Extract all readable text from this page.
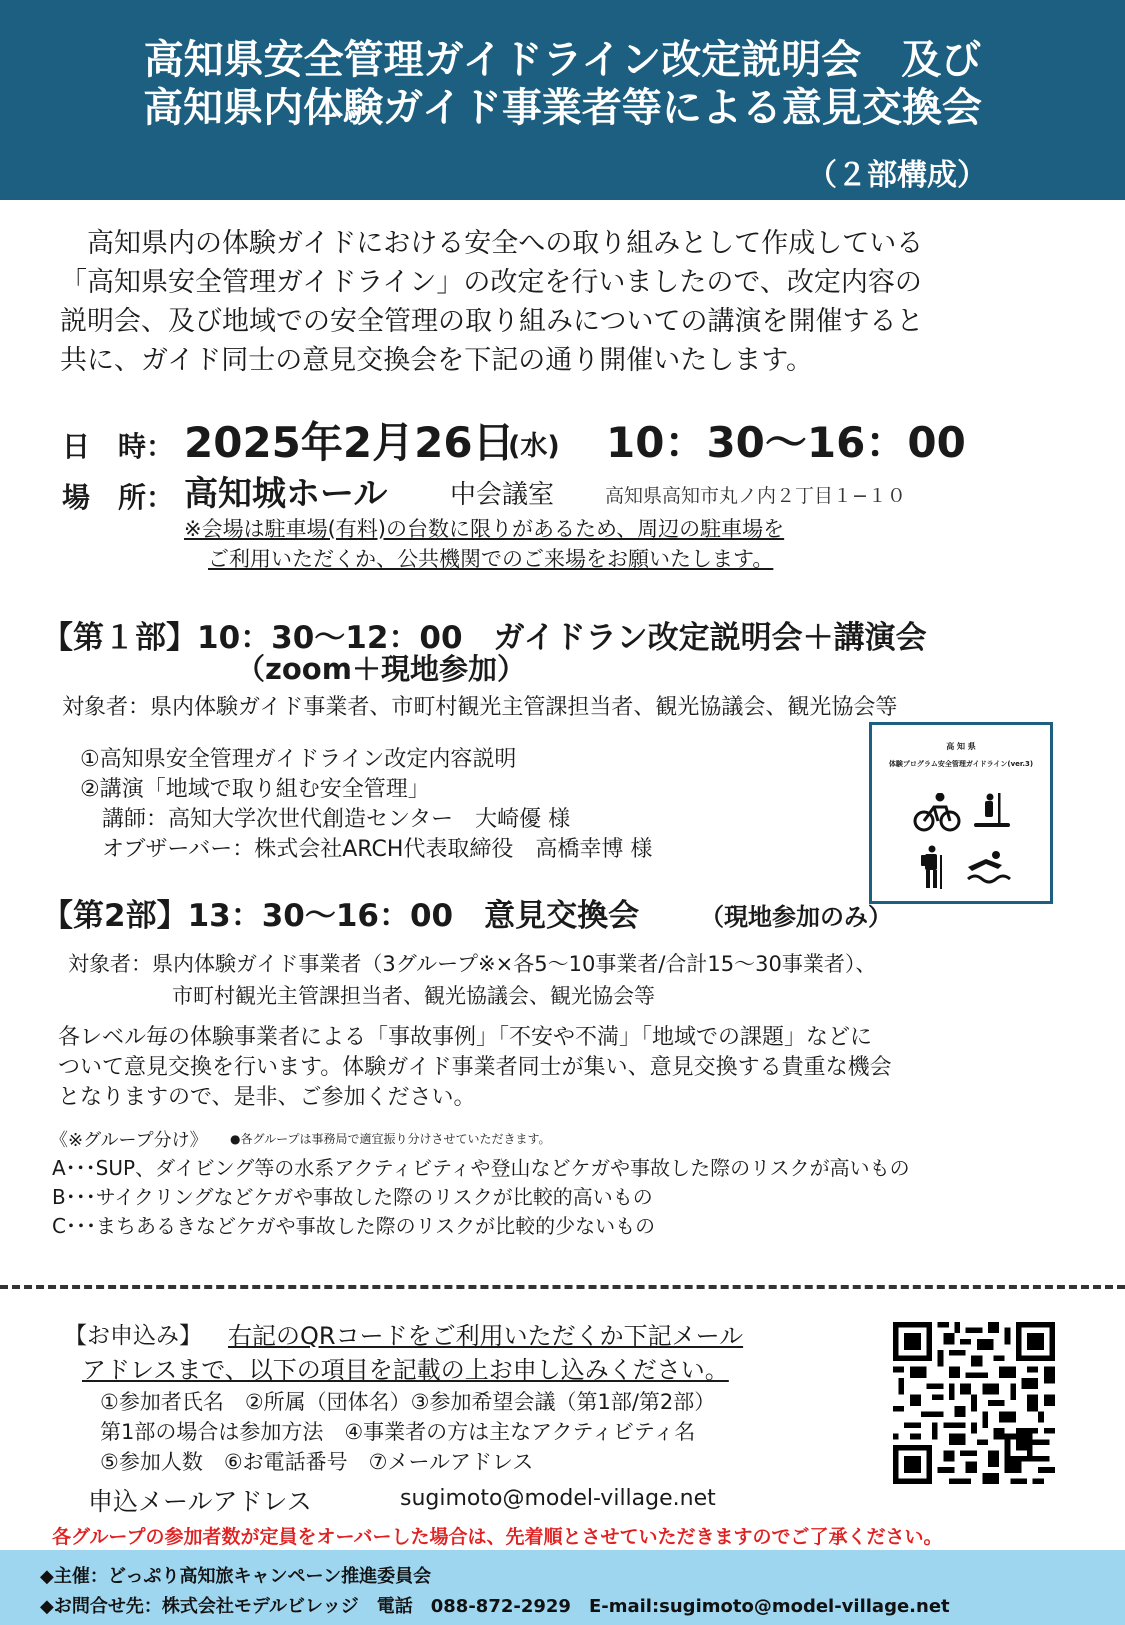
高知県安全管理ガイドライン改定説明会　及び
高知県内体験ガイド事業者等による意見交換会
（２部構成）
　高知県内の体験ガイドにおける安全への取り組みとして作成している
「高知県安全管理ガイドライン」の改定を行いましたので、改定内容の
説明会、及び地域での安全管理の取り組みについての講演を開催すると
共に、ガイド同士の意見交換会を下記の通り開催いたします。
日　時： 2025年2月26日
(水) 10：30〜16：00
場　所： 高知城ホール 中会議室	高知県高知市丸ノ内２丁目１−１０
※会場は駐車場(有料)の台数に限りがあるため、周辺の駐車場を
ご利用いただくか、公共機関でのご来場をお願いたします。
【第１部】10：30〜12：00　ガイドラン改定説明会＋講演会
（zoom＋現地参加）
対象者：県内体験ガイド事業者、市町村観光主管課担当者、観光協議会、観光協会等
①高知県安全管理ガイドライン改定内容説明
②講演「地域で取り組む安全管理」
　講師：高知大学次世代創造センター　大崎優 様
　オブザーバー：株式会社ARCH代表取締役　高橋幸博 様
高 知 県
体験プログラム安全管理ガイドライン(ver.3)
【第2部】13：30〜16：00　意見交換会	（現地参加のみ）
対象者：県内体験ガイド事業者（3グループ※×各5〜10事業者/合計15〜30事業者）、
市町村観光主管課担当者、観光協議会、観光協会等
各レベル毎の体験事業者による「事故事例」「不安や不満」「地域での課題」などに
ついて意見交換を行います。体験ガイド事業者同士が集い、意見交換する貴重な機会
となりますので、是非、ご参加ください。
《※グループ分け》 ●各グループは事務局で適宜振り分けさせていただきます。
A･･･SUP、ダイビング等の水系アクティビティや登山などケガや事故した際のリスクが高いもの
B･･･サイクリングなどケガや事故した際のリスクが比較的高いもの
C･･･まちあるきなどケガや事故した際のリスクが比較的少ないもの
【お申込み】 右記のQRコードをご利用いただくか下記メール
アドレスまで、以下の項目を記載の上お申し込みください。
①参加者氏名　②所属（団体名）③参加希望会議（第1部/第2部）
第1部の場合は参加方法　④事業者の方は主なアクティビティ名
⑤参加人数　⑥お電話番号　⑦メールアドレス
申込メールアドレス	sugimoto@model-village.net
各グループの参加者数が定員をオーバーした場合は、先着順とさせていただきますのでご了承ください。
◆主催：どっぷり高知旅キャンペーン推進委員会
◆お問合せ先：株式会社モデルビレッジ　電話　088-872-2929　E-mail:sugimoto@model-village.net
